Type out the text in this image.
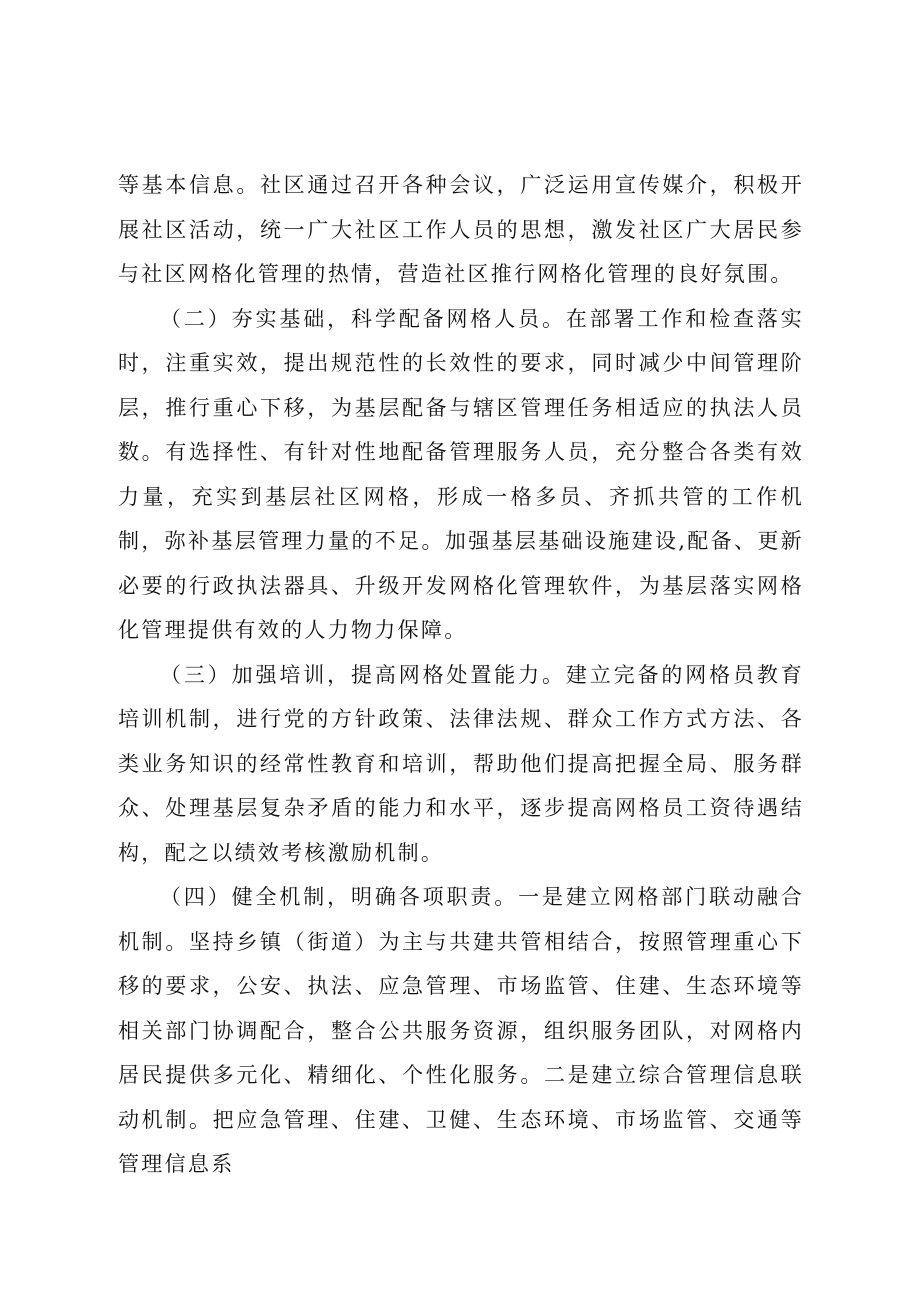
等基本信息。社区通过召开各种会议，广泛运用宣传媒介，积极开展社区活动，统一广大社区工作人员的思想，激发社区广大居民参与社区网格化管理的热情，营造社区推行网格化管理的良好氛围。

（二）夯实基础，科学配备网格人员。在部署工作和检查落实时，注重实效，提出规范性的长效性的要求，同时减少中间管理阶层，推行重心下移，为基层配备与辖区管理任务相适应的执法人员数。有选择性、有针对性地配备管理服务人员，充分整合各类有效力量，充实到基层社区网格，形成一格多员、齐抓共管的工作机制，弥补基层管理力量的不足。加强基层基础设施建设,配备、更新必要的行政执法器具、升级开发网格化管理软件，为基层落实网格化管理提供有效的人力物力保障。

（三）加强培训，提高网格处置能力。建立完备的网格员教育培训机制，进行党的方针政策、法律法规、群众工作方式方法、各类业务知识的经常性教育和培训，帮助他们提高把握全局、服务群众、处理基层复杂矛盾的能力和水平，逐步提高网格员工资待遇结构，配之以绩效考核激励机制。

（四）健全机制，明确各项职责。一是建立网格部门联动融合机制。坚持乡镇（街道）为主与共建共管相结合，按照管理重心下移的要求，公安、执法、应急管理、市场监管、住建、生态环境等相关部门协调配合，整合公共服务资源，组织服务团队，对网格内居民提供多元化、精细化、个性化服务。二是建立综合管理信息联动机制。把应急管理、住建、卫健、生态环境、市场监管、交通等管理信息系
